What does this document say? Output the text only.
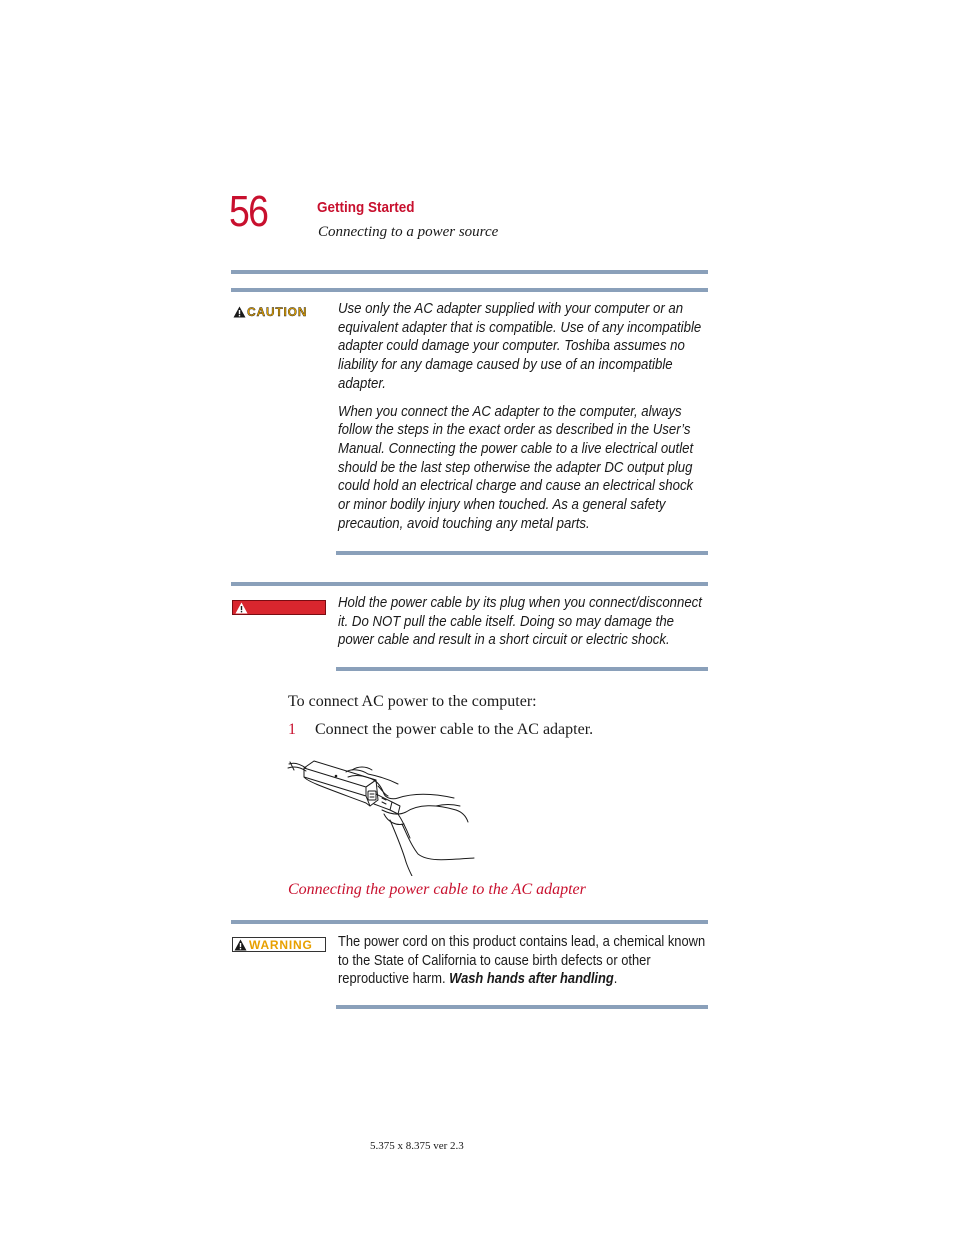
56	Getting Started
Connecting to a power source
CAUTION Use only the AC adapter supplied with your computer or an equivalent adapter that is compatible. Use of any incompatible adapter could damage your computer. Toshiba assumes no liability for any damage caused by use of an incompatible adapter.

When you connect the AC adapter to the computer, always follow the steps in the exact order as described in the User’s Manual. Connecting the power cable to a live electrical outlet should be the last step otherwise the adapter DC output plug could hold an electrical charge and cause an electrical shock or minor bodily injury when touched. As a general safety precaution, avoid touching any metal parts.

Hold the power cable by its plug when you connect/disconnect it. Do NOT pull the cable itself. Doing so may damage the power cable and result in a short circuit or electric shock.
To connect AC power to the computer:
1 Connect the power cable to the AC adapter.
Connecting the power cable to the AC adapter
WARNING The power cord on this product contains lead, a chemical known to the State of California to cause birth defects or other reproductive harm. Wash hands after handling.
5.375 x 8.375 ver 2.3
